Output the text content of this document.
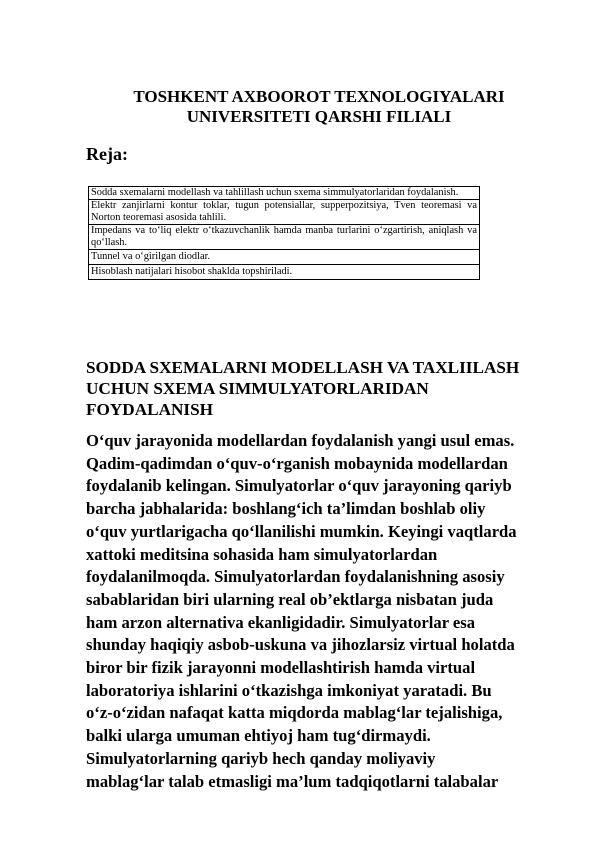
TOSHKENT AXBOOROT TEXNOLOGIYALARI
UNIVERSITETI QARSHI FILIALI
Reja:
Sodda sxemalarni modellash va tahlillash uchun sxema simmulyatorlaridan foydalanish.
Elektr zanjirlarni kontur toklar, tugun potensiallar, supperpozitsiya, Tven teoremasi va Norton teoremasi asosida tahlili.
Impedans va to‘liq elektr o‘tkazuvchanlik hamda manba turlarini o‘zgartirish, aniqlash va qo‘llash.
Tunnel va o‘girilgan diodlar.
Hisoblash natijalari hisobot shaklda topshiriladi.
SODDA SXEMALARNI MODELLASH VA TAXLIILASH UCHUN SXEMA SIMMULYATORLARIDAN FOYDALANISH
O‘quv jarayonida modellardan foydalanish yangi usul emas.
Qadim-qadimdan o‘quv-o‘rganish mobaynida modellardan
foydalanib kelingan. Simulyatorlar o‘quv jarayoning qariyb
barcha jabhalarida: boshlang‘ich ta’limdan boshlab oliy
o‘quv yurtlarigacha qo‘llanilishi mumkin. Keyingi vaqtlarda
xattoki meditsina sohasida ham simulyatorlardan
foydalanilmoqda. Simulyatorlardan foydalanishning asosiy
sabablaridan biri ularning real ob’ektlarga nisbatan juda
ham arzon alternativa ekanligidadir. Simulyatorlar esa
shunday haqiqiy asbob-uskuna va jihozlarsiz virtual holatda
biror bir fizik jarayonni modellashtirish hamda virtual
laboratoriya ishlarini o‘tkazishga imkoniyat yaratadi. Bu
o‘z-o‘zidan nafaqat katta miqdorda mablag‘lar tejalishiga,
balki ularga umuman ehtiyoj ham tug‘dirmaydi.
Simulyatorlarning qariyb hech qanday moliyaviy
mablag‘lar talab etmasligi ma’lum tadqiqotlarni talabalar
